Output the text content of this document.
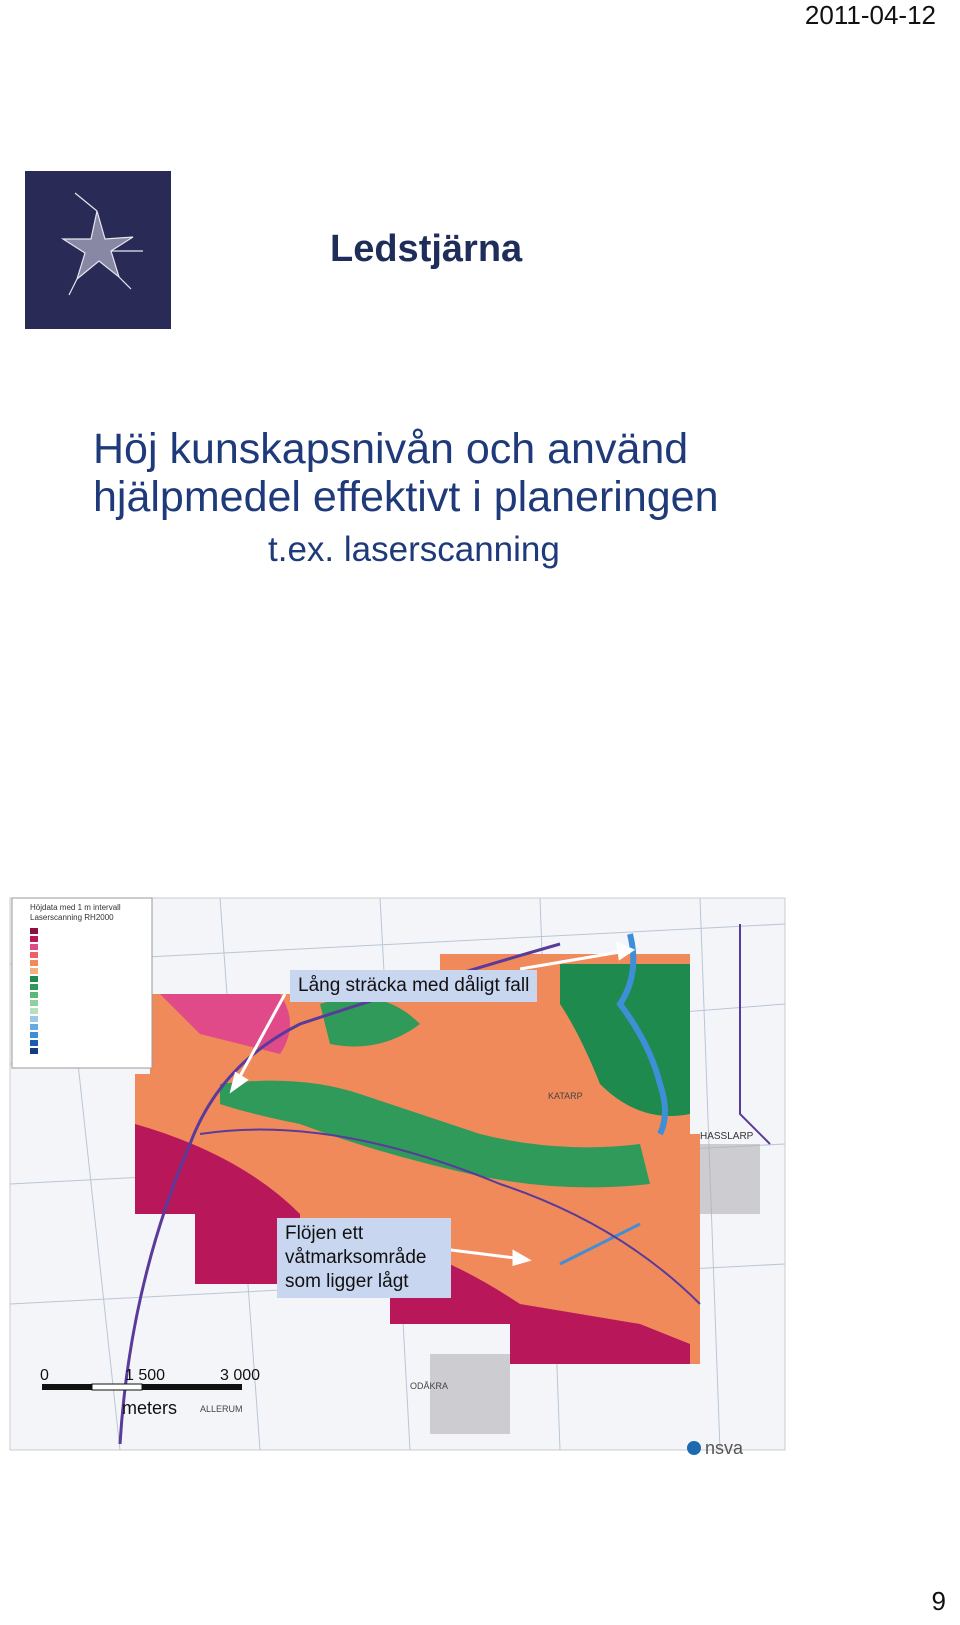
2011-04-12
Ledstjärna
Höj kunskapsnivån och använd
hjälpmedel effektivt i planeringen
t.ex. laserscanning
Höjdata med 1 m intervall
Laserscanning RH2000
HASSLARP
ODÅKRA
ALLERUM
KATARP
0	1 500	3 000
meters
nsva
Lång sträcka med dåligt fall
Flöjen ett våtmarksområde som ligger lågt
9
